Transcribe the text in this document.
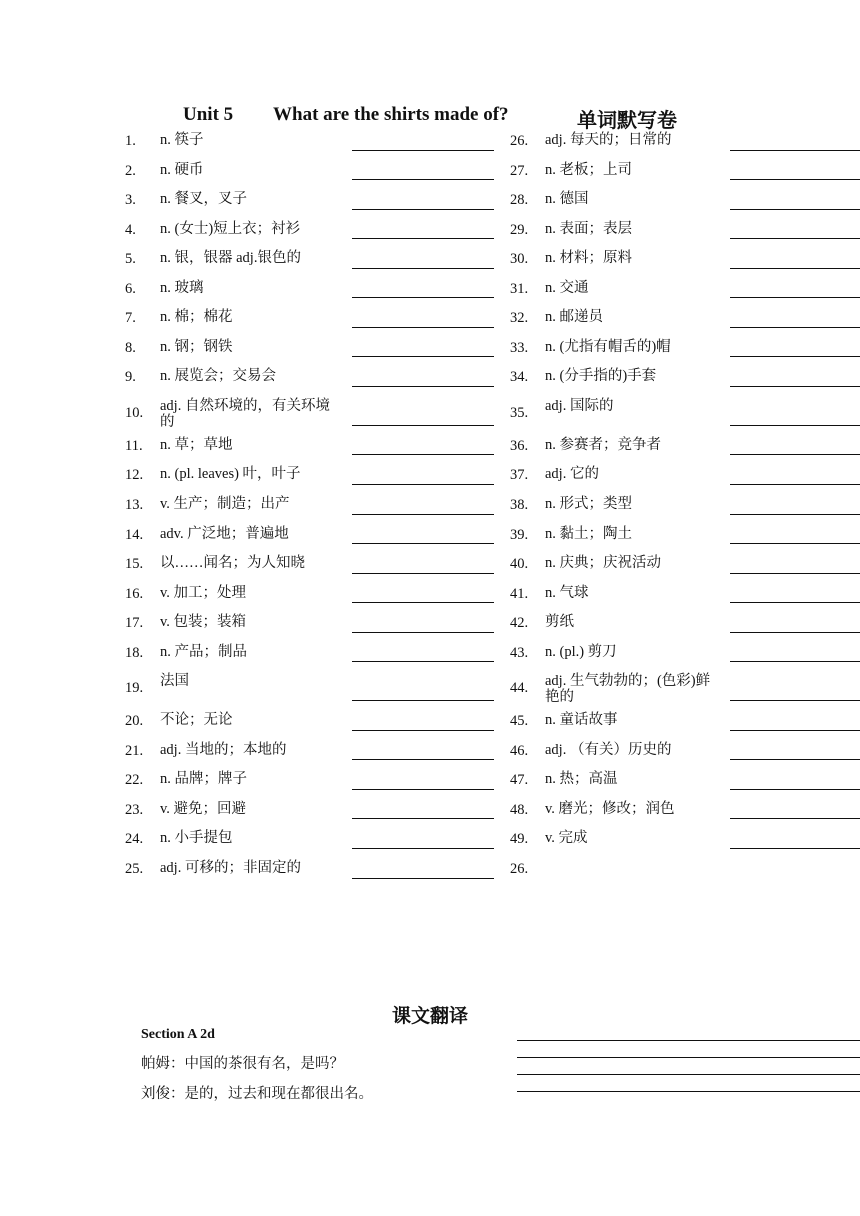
Unit 5 What are the shirts made of?	单词默写卷
1. n. 筷子
2. n. 硬币
3. n. 餐叉，叉子
4. n. (女士)短上衣；衬衫
5. n. 银，银器 adj.银色的
6. n. 玻璃
7. n. 棉；棉花
8. n. 钢；钢铁
9. n. 展览会；交易会
10. adj. 自然环境的，有关环境的
11. n. 草；草地
12. n. (pl. leaves) 叶，叶子
13. v. 生产；制造；出产
14. adv. 广泛地；普遍地
15. 以……闻名；为人知晓
16. v. 加工；处理
17. v. 包装；装箱
18. n. 产品；制品
19. 法国
20. 不论；无论
21. adj. 当地的；本地的
22. n. 品牌；牌子
23. v. 避免；回避
24. n. 小手提包
25. adj. 可移的；非固定的
26. adj. 每天的；日常的
27. n. 老板；上司
28. n. 德国
29. n. 表面；表层
30. n. 材料；原料
31. n. 交通
32. n. 邮递员
33. n. (尤指有帽舌的)帽
34. n. (分手指的)手套
35. adj. 国际的
36. n. 参赛者；竞争者
37. adj. 它的
38. n. 形式；类型
39. n. 黏土；陶土
40. n. 庆典；庆祝活动
41. n. 气球
42. 剪纸
43. n. (pl.) 剪刀
44. adj. 生气勃勃的；(色彩)鲜艳的
45. n. 童话故事
46. adj. （有关）历史的
47. n. 热；高温
48. v. 磨光；修改；润色
49. v. 完成
26.
课文翻译
Section A 2d
帕姆：中国的茶很有名，是吗？
刘俊：是的，过去和现在都很出名。
